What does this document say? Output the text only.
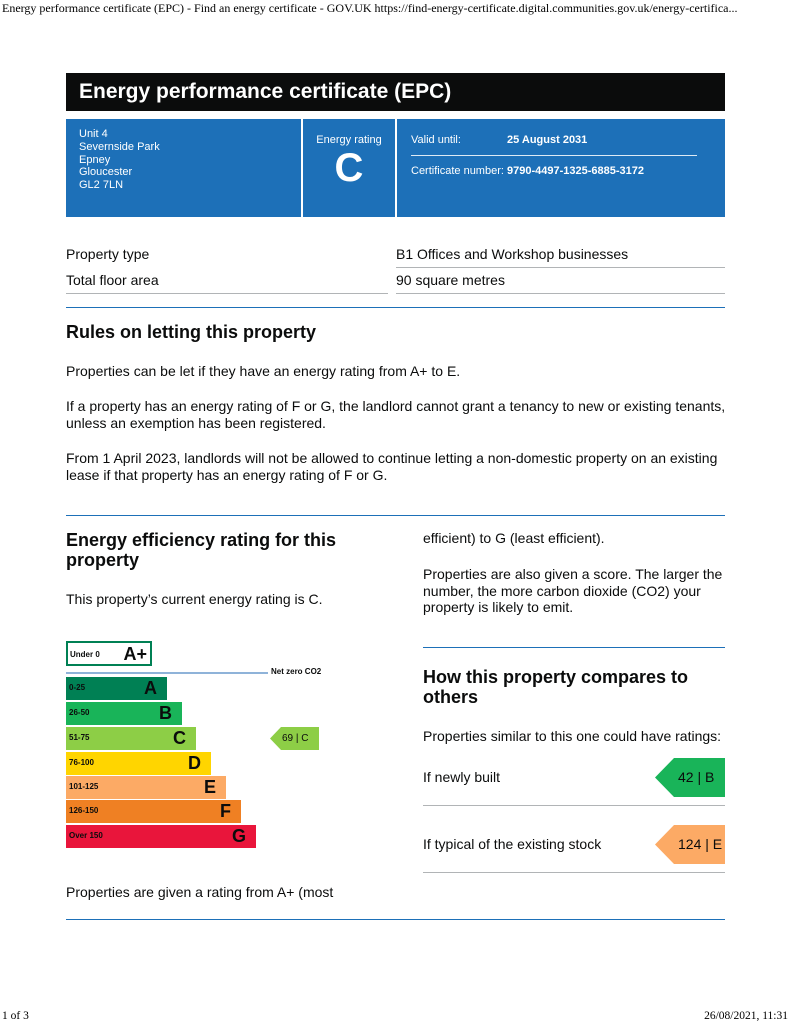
Energy performance certificate (EPC) - Find an energy certificate - GOV.UK https://find-energy-certificate.digital.communities.gov.uk/energy-certifica...
1 of 3	26/08/2021, 11:31
Energy performance certificate (EPC)
Unit 4
Severnside Park
Epney
Gloucester
GL2 7LN
Energy rating
C
Valid until:	25 August 2031
Certificate number: 9790-4497-1325-6885-3172
Property type	B1 Offices and Workshop businesses
Total floor area	90 square metres
Rules on letting this property

Properties can be let if they have an energy rating from A+ to E.

If a property has an energy rating of F or G, the landlord cannot grant a tenancy to new or existing tenants, unless an exemption has been registered.

From 1 April 2023, landlords will not be allowed to continue letting a non-domestic property on an existing lease if that property has an energy rating of F or G.

Energy efficiency rating for this property

This property’s current energy rating is C.

Under 0 A+
Net zero CO2
0-25	A
26-50	B
51-75	C
76-100	D
101-125	E
126-150	F
Over 150	G
69 | C

Properties are given a rating from A+ (most

efficient) to G (least efficient).

Properties are also given a score. The larger the number, the more carbon dioxide (CO2) your property is likely to emit.

How this property compares to others

Properties similar to this one could have ratings:

If newly built	42 | B
If typical of the existing stock	124 | E
